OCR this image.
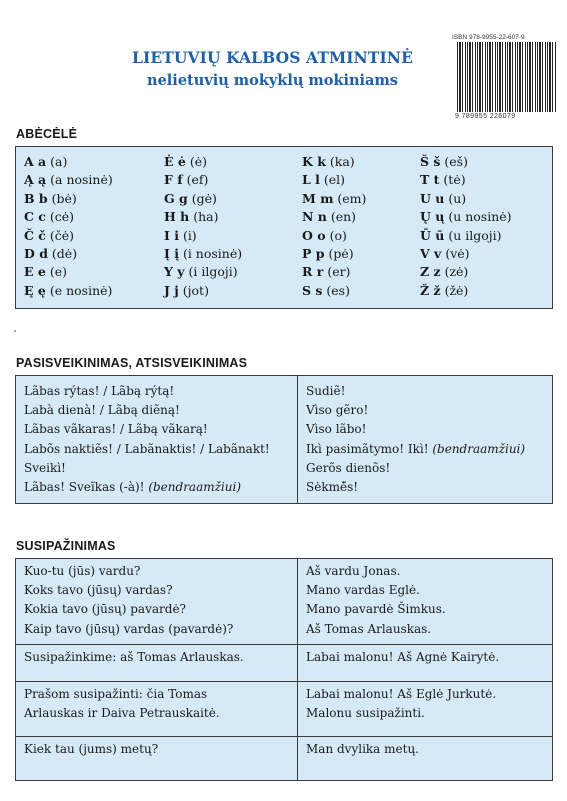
LIETUVIŲ KALBOS ATMINTINĖ
nelietuvių mokyklų mokiniams
ISBN 978-9955-22-607-9
9 789955 226079
ABĖCĖLĖ
A a (a)
Ą ą (a nosinė)
B b (bė)
C c (cė)
Č č (čė)
D d (dė)
E e (e)
Ę ę (e nosinė)
Ė ė (ė)
F f (ef)
G g (gė)
H h (ha)
I i (i)
Į į (i nosinė)
Y y (i ilgoji)
J j (jot)
K k (ka)
L l (el)
M m (em)
N n (en)
O o (o)
P p (pė)
R r (er)
S s (es)
Š š (eš)
T t (tė)
U u (u)
Ų ų (u nosinė)
Ū ū (u ilgoji)
V v (vė)
Z z (zė)
Ž ž (žė)
PASISVEIKINIMAS, ATSISVEIKINIMAS
Lãbas rýtas! / Lãbą rýtą!
Labà dienà! / Lãbą diẽną!
Lãbas vãkaras! / Lãbą vãkarą!
Labõs naktiẽs! / Labãnaktis! / Labãnakt!
Sveikì!
Lãbas! Sveĩkas (-à)! (bendraamžiui)
Sudiẽ!
Vìso gẽro!
Vìso lãbo!
Ikì pasimãtymo! Ikì! (bendraamžiui)
Gerõs dienõs!
Sėkmė̃s!
SUSIPAŽINIMAS
Kuo-tu (jūs) vardu?
Koks tavo (jūsų) vardas?
Kokia tavo (jūsų) pavardė?
Kaip tavo (jūsų) vardas (pavardė)?
Aš vardu Jonas.
Mano vardas Eglė.
Mano pavardė Šimkus.
Aš Tomas Arlauskas.
Susipažinkime: aš Tomas Arlauskas.	Labai malonu! Aš Agnė Kairytė.
Prašom susipažinti: čia Tomas
Arlauskas ir Daiva Petrauskaitė.
Labai malonu! Aš Eglė Jurkutė.
Malonu susipažinti.
Kiek tau (jums) metų?	Man dvylika metų.
